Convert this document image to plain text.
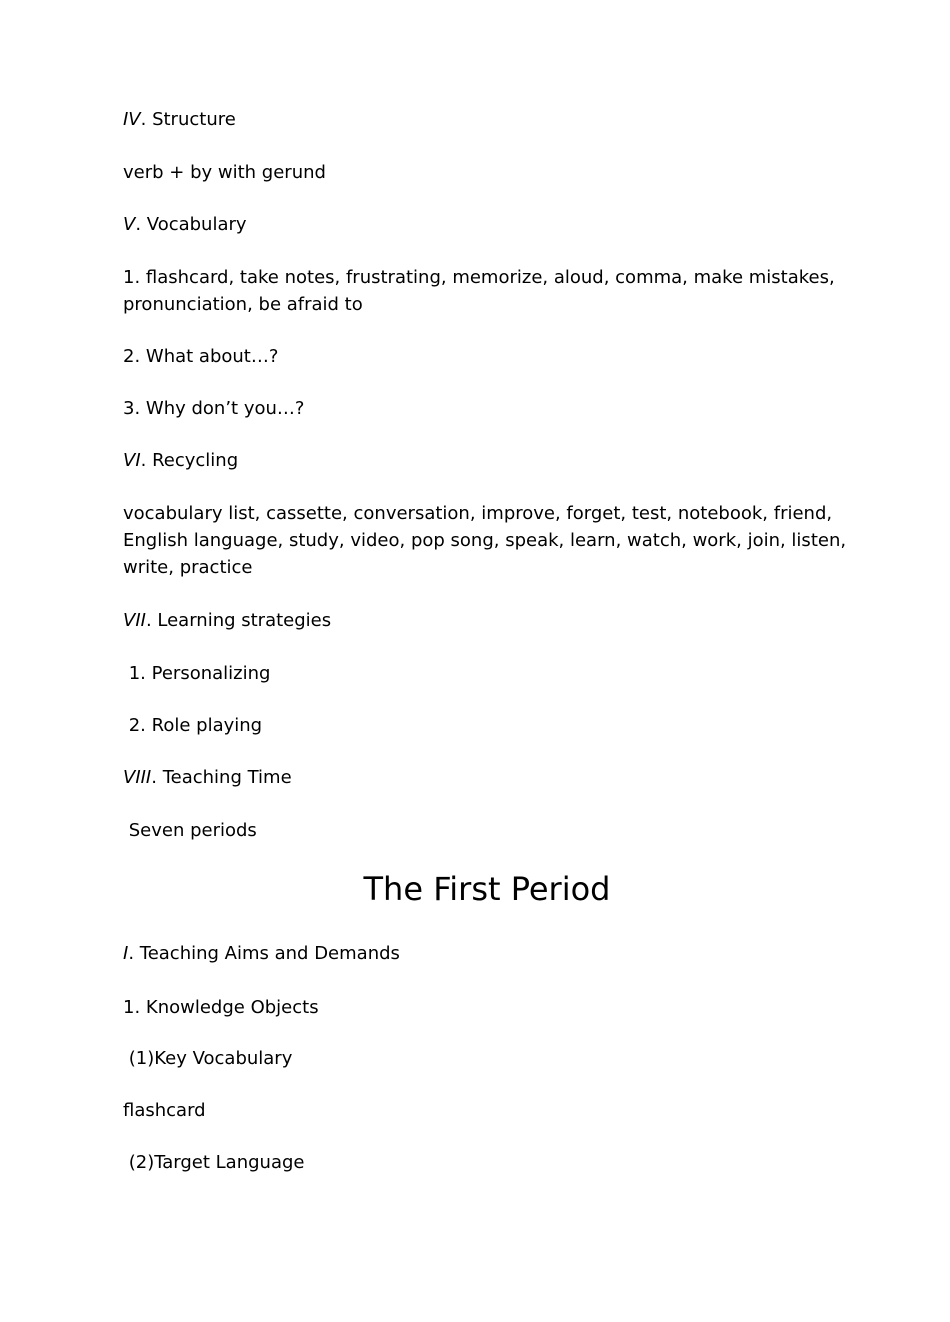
IV. Structure
verb + by with gerund
V. Vocabulary
1. flashcard, take notes, frustrating, memorize, aloud, comma, make mistakes, pronunciation, be afraid to
2. What about…?
3. Why don’t you…?
VI. Recycling
vocabulary list, cassette, conversation, improve, forget, test, notebook, friend, English language, study, video, pop song, speak, learn, watch, work, join, listen, write, practice
VII. Learning strategies
1. Personalizing
2. Role playing
VIII. Teaching Time
Seven periods
The First Period
I. Teaching Aims and Demands
1. Knowledge Objects
(1)Key Vocabulary
flashcard
(2)Target Language
